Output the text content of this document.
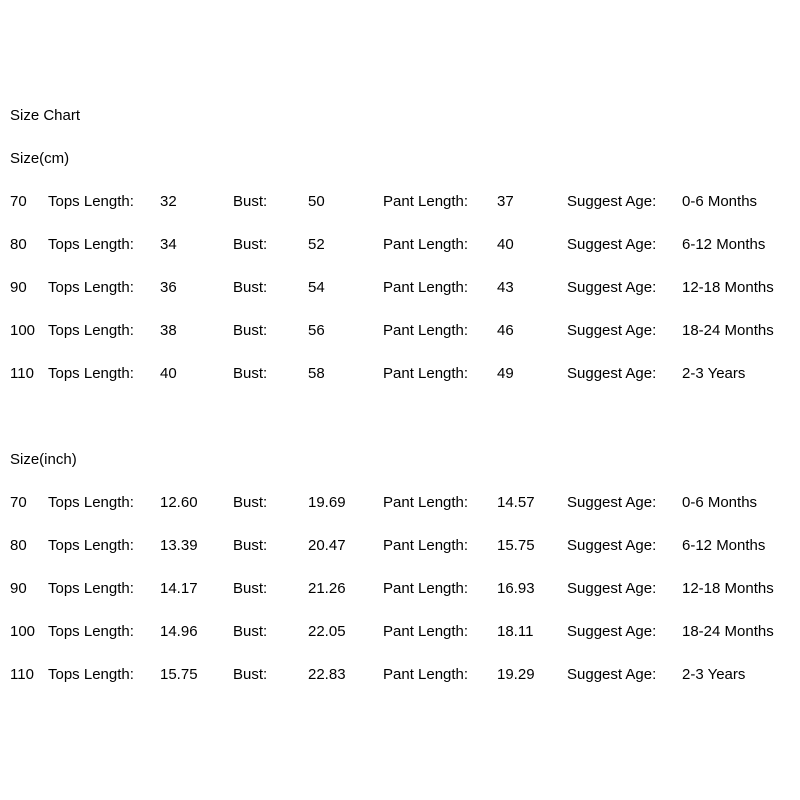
Size Chart
Size(cm)
70	Tops Length:	32	Bust:	50	Pant Length:	37	Suggest Age:	0-6 Months
80	Tops Length:	34	Bust:	52	Pant Length:	40	Suggest Age:	6-12 Months
90	Tops Length:	36	Bust:	54	Pant Length:	43	Suggest Age:	12-18 Months
100 Tops Length:	38	Bust:	56	Pant Length:	46	Suggest Age:	18-24 Months
110 Tops Length:	40	Bust:	58	Pant Length:	49	Suggest Age:	2-3 Years
Size(inch)
70	Tops Length:	12.60	Bust:	19.69	Pant Length:	14.57	Suggest Age:	0-6 Months
80	Tops Length:	13.39	Bust:	20.47	Pant Length:	15.75	Suggest Age:	6-12 Months
90	Tops Length:	14.17	Bust:	21.26	Pant Length:	16.93	Suggest Age:	12-18 Months
100 Tops Length:	14.96	Bust:	22.05	Pant Length:	18.11	Suggest Age:	18-24 Months
110 Tops Length:	15.75	Bust:	22.83	Pant Length:	19.29	Suggest Age:	2-3 Years
